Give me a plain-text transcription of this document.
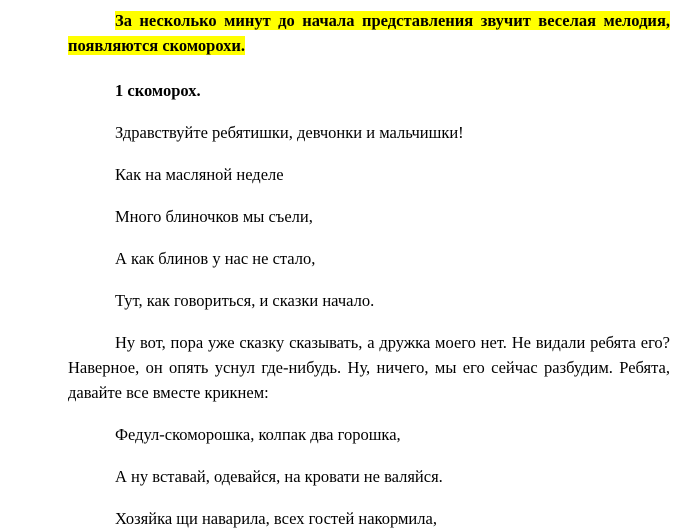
За несколько минут до начала представления звучит веселая мелодия, появляются скоморохи.

1 скоморох.

Здравствуйте ребятишки, девчонки и мальчишки!

Как на масляной неделе

Много блиночков мы съели,

А как блинов у нас не стало,

Тут, как говориться, и сказки начало.

Ну вот, пора уже сказку сказывать, а дружка моего нет. Не видали ребята его? Наверное, он опять уснул где-нибудь. Ну, ничего, мы его сейчас разбудим. Ребята, давайте все вместе крикнем:

Федул-скоморошка, колпак два горошка,

А ну вставай, одевайся, на кровати не валяйся.

Хозяйка щи наварила, всех гостей накормила,
